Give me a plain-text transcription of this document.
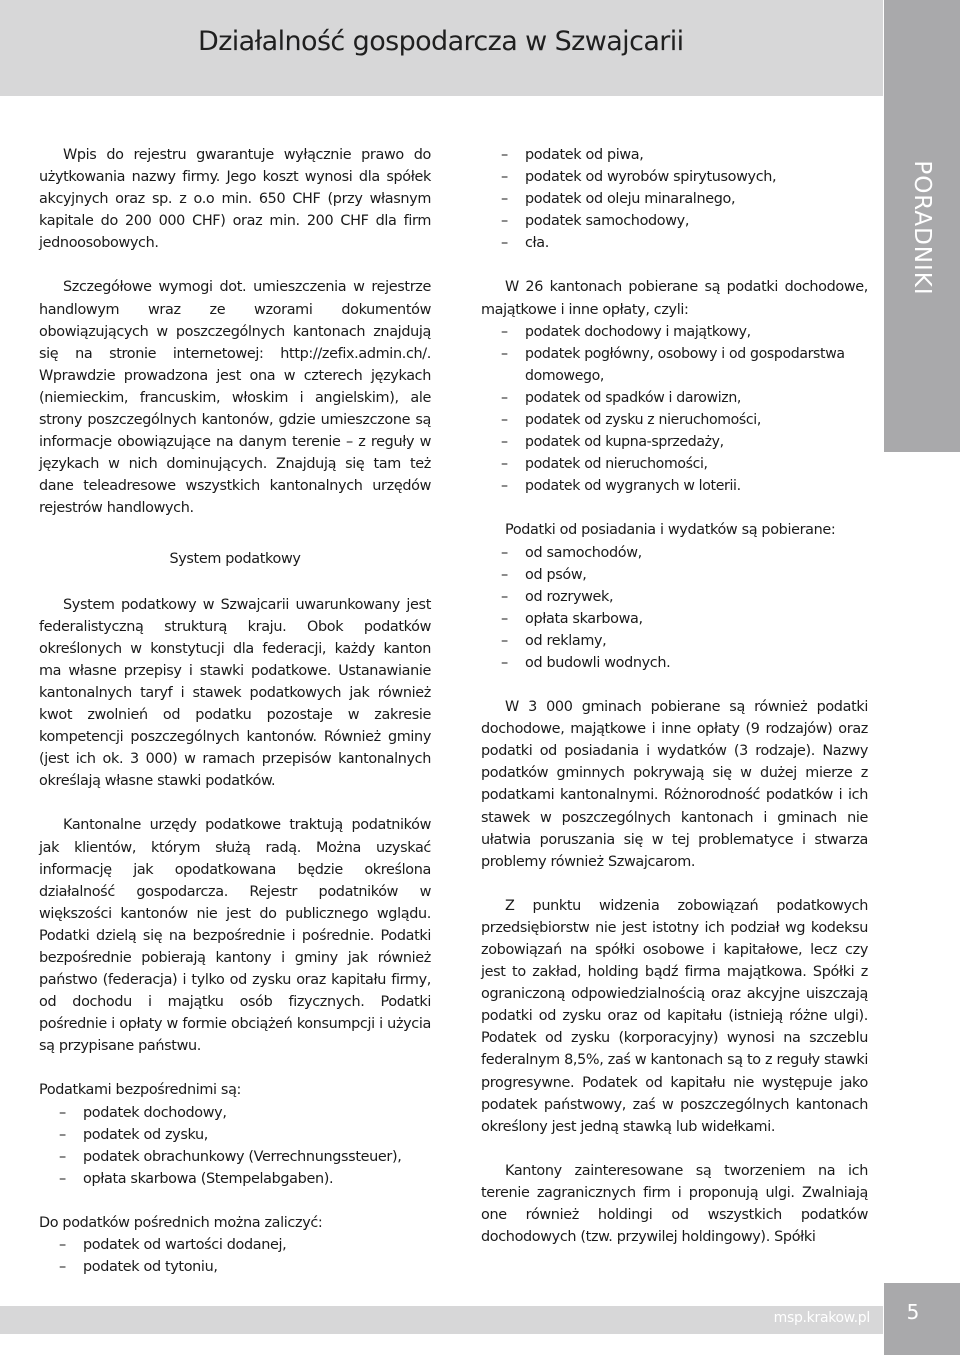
Działalność gospodarcza w Szwajcarii
PORADNIKI

Wpis do rejestru gwarantuje wyłącznie prawo do użytkowania nazwy firmy. Jego koszt wynosi dla spółek akcyjnych oraz sp. z o.o min. 650 CHF (przy własnym kapitale do 200 000 CHF) oraz min. 200 CHF dla firm jednoosobowych.

Szczegółowe wymogi dot. umieszczenia w rejestrze handlowym wraz ze wzorami dokumentów obowiązujących w poszczególnych kantonach znajdują się na stronie internetowej: http://zefix.admin.ch/. Wprawdzie prowadzona jest ona w czterech językach (niemieckim, francuskim, włoskim i angielskim), ale strony poszczególnych kantonów, gdzie umieszczone są informacje obowiązujące na danym terenie – z reguły w językach w nich dominujących. Znajdują się tam też dane teleadresowe wszystkich kantonalnych urzędów rejestrów handlowych.

System podatkowy

System podatkowy w Szwajcarii uwarunkowany jest federalistyczną strukturą kraju. Obok podatków określonych w konstytucji dla federacji, każdy kanton ma własne przepisy i stawki podatkowe. Ustanawianie kantonalnych taryf i stawek podatkowych jak również kwot zwolnień od podatku pozostaje w zakresie kompetencji poszczególnych kantonów. Również gminy (jest ich ok. 3 000) w ramach przepisów kantonalnych określają własne stawki podatków.

Kantonalne urzędy podatkowe traktują podatników jak klientów, którym służą radą. Można uzyskać informację jak opodatkowana będzie określona działalność gospodarcza. Rejestr podatników w większości kantonów nie jest do publicznego wglądu. Podatki dzielą się na bezpośrednie i pośrednie. Podatki bezpośrednie pobierają kantony i gminy jak również państwo (federacja) i tylko od zysku oraz kapitału firmy, od dochodu i majątku osób fizycznych. Podatki pośrednie i opłaty w formie obciążeń konsumpcji i użycia są przypisane państwu.

Podatkami bezpośrednimi są:

– podatek dochodowy,
– podatek od zysku,
– podatek obrachunkowy (Verrechnungssteuer),
– opłata skarbowa (Stempelabgaben).

Do podatków pośrednich można zaliczyć:

– podatek od wartości dodanej,
– podatek od tytoniu,
– podatek od piwa,
– podatek od wyrobów spirytusowych,
– podatek od oleju minaralnego,
– podatek samochodowy,
– cła.

W 26 kantonach pobierane są podatki dochodowe, majątkowe i inne opłaty, czyli:

– podatek dochodowy i majątkowy,
– podatek pogłówny, osobowy i od gospodarstwa domowego,
– podatek od spadków i darowizn,
– podatek od zysku z nieruchomości,
– podatek od kupna-sprzedaży,
– podatek od nieruchomości,
– podatek od wygranych w loterii.

Podatki od posiadania i wydatków są pobierane:

– od samochodów,
– od psów,
– od rozrywek,
– opłata skarbowa,
– od reklamy,
– od budowli wodnych.

W 3 000 gminach pobierane są również podatki dochodowe, majątkowe i inne opłaty (9 rodzajów) oraz podatki od posiadania i wydatków (3 rodzaje). Nazwy podatków gminnych pokrywają się w dużej mierze z podatkami kantonalnymi. Różnorodność podatków i ich stawek w poszczególnych kantonach i gminach nie ułatwia poruszania się w tej problematyce i stwarza problemy również Szwajcarom.

Z punktu widzenia zobowiązań podatkowych przedsiębiorstw nie jest istotny ich podział wg kodeksu zobowiązań na spółki osobowe i kapitałowe, lecz czy jest to zakład, holding bądź firma majątkowa. Spółki z ograniczoną odpowiedzialnością oraz akcyjne uiszczają podatki od zysku oraz od kapitału (istnieją różne ulgi). Podatek od zysku (korporacyjny) wynosi na szczeblu federalnym 8,5%, zaś w kantonach są to z reguły stawki progresywne. Podatek od kapitału nie występuje jako podatek państwowy, zaś w poszczególnych kantonach określony jest jedną stawką lub widełkami.

Kantony zainteresowane są tworzeniem na ich terenie zagranicznych firm i proponują ulgi. Zwalniają one również holdingi od wszystkich podatków dochodowych (tzw. przywilej holdingowy). Spółki

msp.krakow.pl	5
